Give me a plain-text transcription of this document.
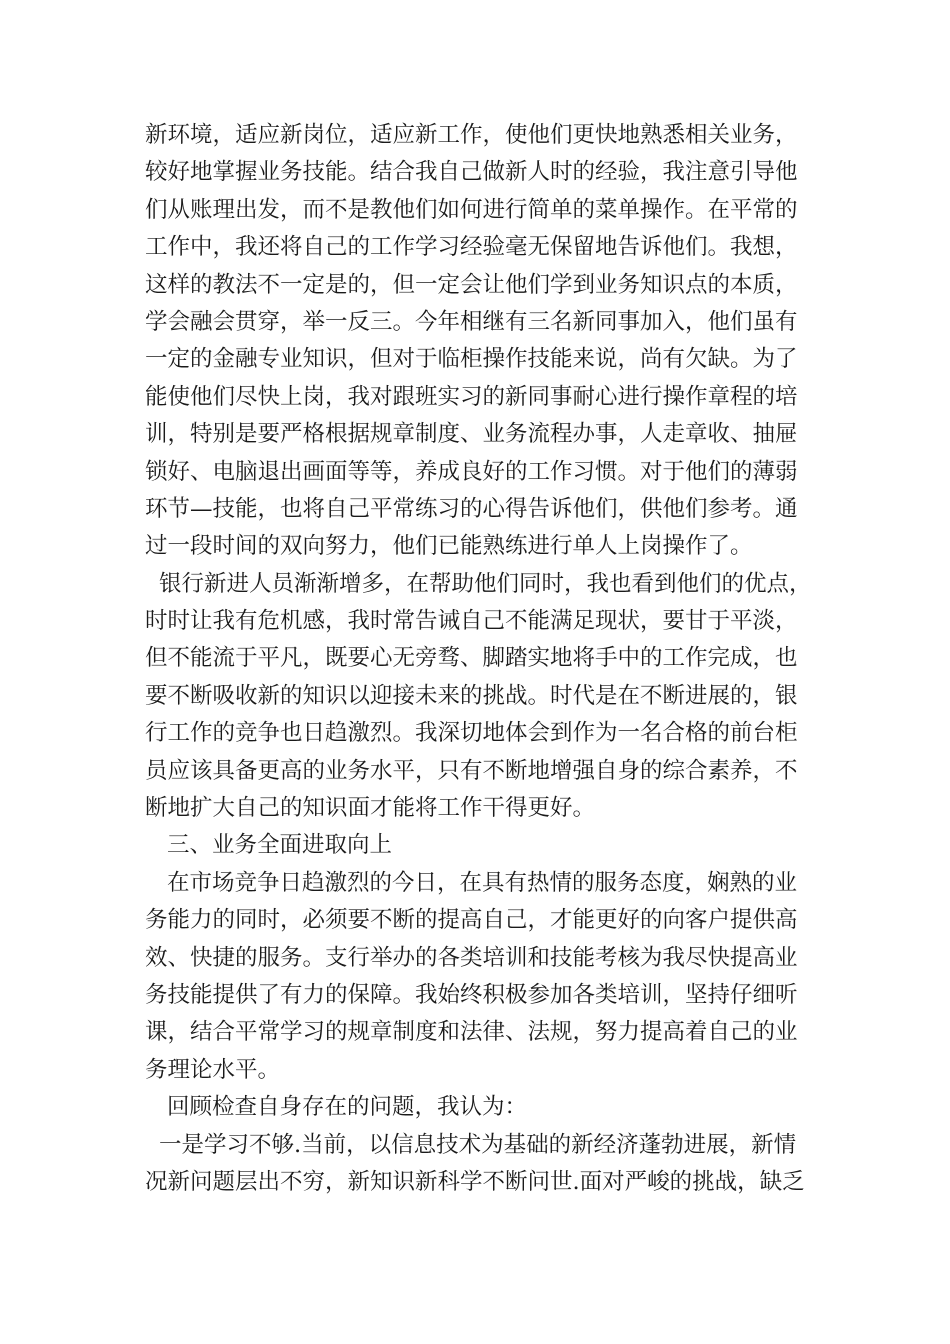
新环境，适应新岗位，适应新工作，使他们更快地熟悉相关业务，

较好地掌握业务技能。结合我自己做新人时的经验，我注意引导他

们从账理出发，而不是教他们如何进行简单的菜单操作。在平常的

工作中，我还将自己的工作学习经验毫无保留地告诉他们。我想，

这样的教法不一定是的，但一定会让他们学到业务知识点的本质，

学会融会贯穿，举一反三。今年相继有三名新同事加入，他们虽有

一定的金融专业知识，但对于临柜操作技能来说，尚有欠缺。为了

能使他们尽快上岗，我对跟班实习的新同事耐心进行操作章程的培

训，特别是要严格根据规章制度、业务流程办事，人走章收、抽屉

锁好、电脑退出画面等等，养成良好的工作习惯。对于他们的薄弱

环节—技能，也将自己平常练习的心得告诉他们，供他们参考。通

过一段时间的双向努力，他们已能熟练进行单人上岗操作了。

银行新进人员渐渐增多，在帮助他们同时，我也看到他们的优点，

时时让我有危机感，我时常告诫自己不能满足现状，要甘于平淡，

但不能流于平凡，既要心无旁骛、脚踏实地将手中的工作完成，也

要不断吸收新的知识以迎接未来的挑战。时代是在不断进展的，银

行工作的竞争也日趋激烈。我深切地体会到作为一名合格的前台柜

员应该具备更高的业务水平，只有不断地增强自身的综合素养，不

断地扩大自己的知识面才能将工作干得更好。

三、业务全面进取向上

在市场竞争日趋激烈的今日，在具有热情的服务态度，娴熟的业

务能力的同时，必须要不断的提高自己，才能更好的向客户提供高

效、快捷的服务。支行举办的各类培训和技能考核为我尽快提高业

务技能提供了有力的保障。我始终积极参加各类培训，坚持仔细听

课，结合平常学习的规章制度和法律、法规，努力提高着自己的业

务理论水平。

回顾检查自身存在的问题，我认为：

一是学习不够.当前，以信息技术为基础的新经济蓬勃进展，新情

况新问题层出不穷，新知识新科学不断问世.面对严峻的挑战，缺乏
